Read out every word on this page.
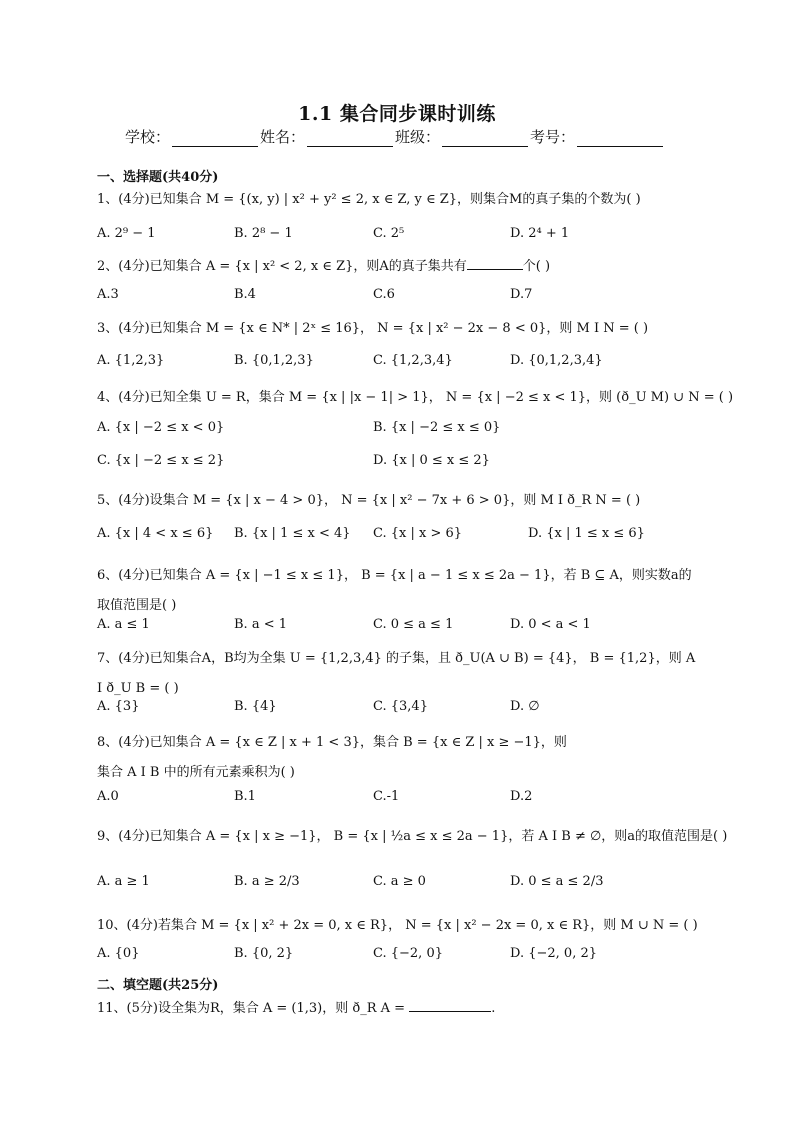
1.1 集合同步课时训练
学校：	姓名：	班级：	考号：
一、选择题(共40分)
1、(4分)已知集合 M = {(x, y) | x² + y² ≤ 2, x ∈ Z, y ∈ Z}，则集合M的真子集的个数为( )
A. 2⁹ − 1	B. 2⁸ − 1	C. 2⁵	D. 2⁴ + 1
2、(4分)已知集合 A = {x | x² < 2, x ∈ Z}，则A的真子集共有	个( )
A.3	B.4	C.6	D.7
3、(4分)已知集合 M = {x ∈ N* | 2ˣ ≤ 16}， N = {x | x² − 2x − 8 < 0}，则 M I N = ( )
A. {1,2,3}	B. {0,1,2,3}	C. {1,2,3,4}	D. {0,1,2,3,4}
4、(4分)已知全集 U = R，集合 M = {x | |x − 1| > 1}， N = {x | −2 ≤ x < 1}，则 (ð_U M) ∪ N = ( )
A. {x | −2 ≤ x < 0}	B. {x | −2 ≤ x ≤ 0}
C. {x | −2 ≤ x ≤ 2}	D. {x | 0 ≤ x ≤ 2}
5、(4分)设集合 M = {x | x − 4 > 0}， N = {x | x² − 7x + 6 > 0}，则 M I ð_R N = ( )
A. {x | 4 < x ≤ 6} B. {x | 1 ≤ x < 4} C. {x | x > 6}	D. {x | 1 ≤ x ≤ 6}
6、(4分)已知集合 A = {x | −1 ≤ x ≤ 1}， B = {x | a − 1 ≤ x ≤ 2a − 1}，若 B ⊆ A，则实数a的取值范围是( )
A. a ≤ 1	B. a < 1	C. 0 ≤ a ≤ 1	D. 0 < a < 1
7、(4分)已知集合A，B均为全集 U = {1,2,3,4} 的子集，且 ð_U(A ∪ B) = {4}， B = {1,2}，则 A I ð_U B = ( )
A. {3}	B. {4}	C. {3,4}	D. ∅
8、(4分)已知集合 A = {x ∈ Z | x + 1 < 3}，集合 B = {x ∈ Z | x ≥ −1}，则集合 A I B 中的所有元素乘积为( )
A.0	B.1	C.-1	D.2
9、(4分)已知集合 A = {x | x ≥ −1}， B = {x | ½a ≤ x ≤ 2a − 1}，若 A I B ≠ ∅，则a的取值范围是( )
A. a ≥ 1	B. a ≥ 2/3	C. a ≥ 0	D. 0 ≤ a ≤ 2/3
10、(4分)若集合 M = {x | x² + 2x = 0, x ∈ R}， N = {x | x² − 2x = 0, x ∈ R}，则 M ∪ N = ( )
A. {0}	B. {0, 2}	C. {−2, 0}	D. {−2, 0, 2}
二、填空题(共25分)
11、(5分)设全集为R，集合 A = (1,3)，则 ð_R A =	.
